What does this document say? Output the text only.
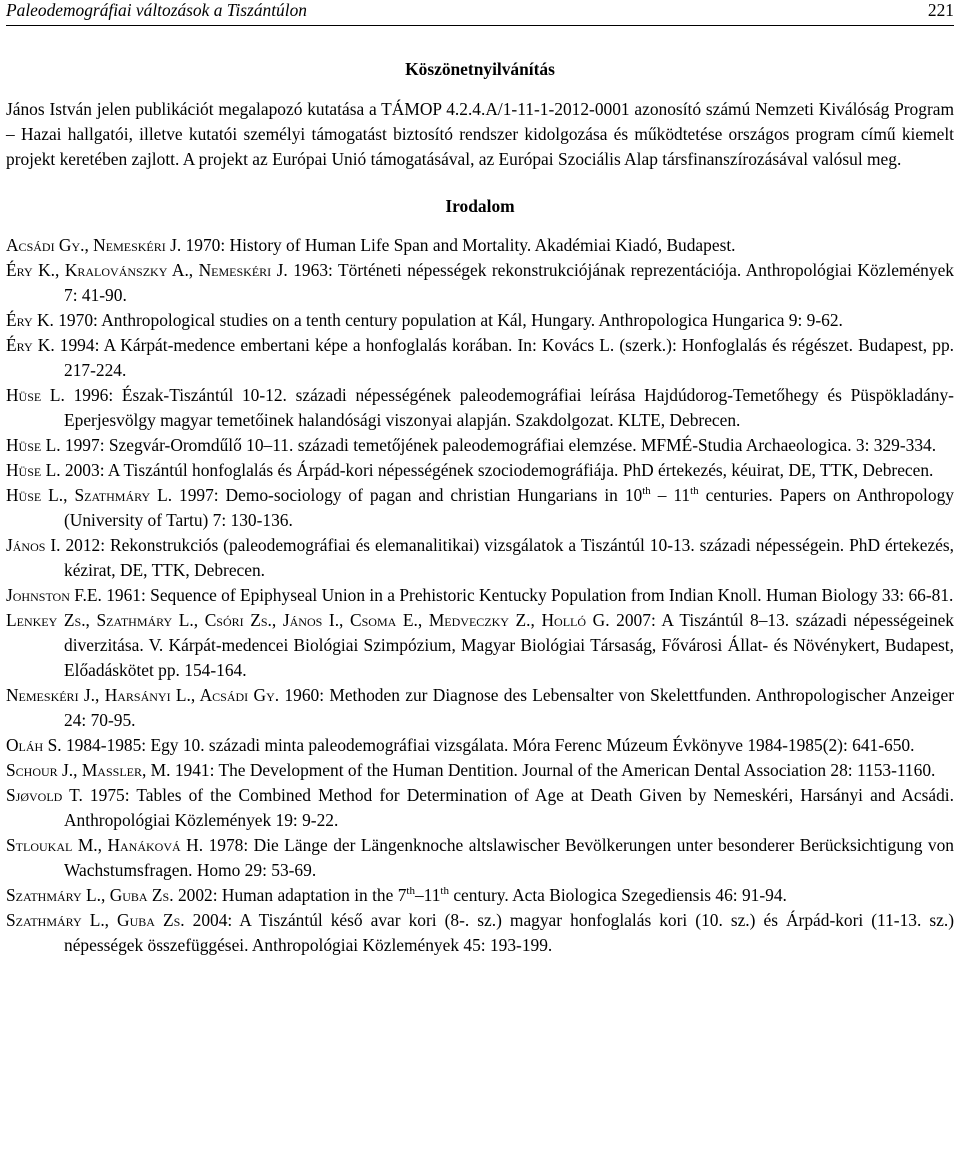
Paleodemográfiai változások a Tiszántúlon	221
Köszönetnyilvánítás
János István jelen publikációt megalapozó kutatása a TÁMOP 4.2.4.A/1-11-1-2012-0001 azonosító számú Nemzeti Kiválóság Program – Hazai hallgatói, illetve kutatói személyi támogatást biztosító rendszer kidolgozása és működtetése országos program című kiemelt projekt keretében zajlott. A projekt az Európai Unió támogatásával, az Európai Szociális Alap társfinanszírozásával valósul meg.
Irodalom
Acsádi Gy., Nemeskéri J. 1970: History of Human Life Span and Mortality. Akadémiai Kiadó, Budapest.
Éry K., Kralovánszky A., Nemeskéri J. 1963: Történeti népességek rekonstrukciójának reprezentációja. Anthropológiai Közlemények 7: 41-90.
Éry K. 1970: Anthropological studies on a tenth century population at Kál, Hungary. Anthropologica Hungarica 9: 9-62.
Éry K. 1994: A Kárpát-medence embertani képe a honfoglalás korában. In: Kovács L. (szerk.): Honfoglalás és régészet. Budapest, pp. 217-224.
Hüse L. 1996: Észak-Tiszántúl 10-12. századi népességének paleodemográfiai leírása Hajdúdorog-Temetőhegy és Püspökladány-Eperjesvölgy magyar temetőinek halandósági viszonyai alapján. Szakdolgozat. KLTE, Debrecen.
Hüse L. 1997: Szegvár-Oromdűlő 10–11. századi temetőjének paleodemográfiai elemzése. MFMÉ-Studia Archaeologica. 3: 329-334.
Hüse L. 2003: A Tiszántúl honfoglalás és Árpád-kori népességének szociodemográfiája. PhD értekezés, kéuirat, DE, TTK, Debrecen.
Hüse L., Szathmáry L. 1997: Demo-sociology of pagan and christian Hungarians in 10th – 11th centuries. Papers on Anthropology (University of Tartu) 7: 130-136.
János I. 2012: Rekonstrukciós (paleodemográfiai és elemanalitikai) vizsgálatok a Tiszántúl 10-13. századi népességein. PhD értekezés, kézirat, DE, TTK, Debrecen.
Johnston F.E. 1961: Sequence of Epiphyseal Union in a Prehistoric Kentucky Population from Indian Knoll. Human Biology 33: 66-81.
Lenkey Zs., Szathmáry L., Csóri Zs., János I., Csoma E., Medveczky Z., Holló G. 2007: A Tiszántúl 8–13. századi népességeinek diverzitása. V. Kárpát-medencei Biológiai Szimpózium, Magyar Biológiai Társaság, Fővárosi Állat- és Növénykert, Budapest, Előadáskötet pp. 154-164.
Nemeskéri J., Harsányi L., Acsádi Gy. 1960: Methoden zur Diagnose des Lebensalter von Skelettfunden. Anthropologischer Anzeiger 24: 70-95.
Oláh S. 1984-1985: Egy 10. századi minta paleodemográfiai vizsgálata. Móra Ferenc Múzeum Évkönyve 1984-1985(2): 641-650.
Schour J., Massler, M. 1941: The Development of the Human Dentition. Journal of the American Dental Association 28: 1153-1160.
Sjøvold T. 1975: Tables of the Combined Method for Determination of Age at Death Given by Nemeskéri, Harsányi and Acsádi. Anthropológiai Közlemények 19: 9-22.
Stloukal M., Hanáková H. 1978: Die Länge der Längenknoche altslawischer Bevölkerungen unter besonderer Berücksichtigung von Wachstumsfragen. Homo 29: 53-69.
Szathmáry L., Guba Zs. 2002: Human adaptation in the 7th–11th century. Acta Biologica Szegediensis 46: 91-94.
Szathmáry L., Guba Zs. 2004: A Tiszántúl késő avar kori (8-. sz.) magyar honfoglalás kori (10. sz.) és Árpád-kori (11-13. sz.) népességek összefüggései. Anthropológiai Közlemények 45: 193-199.
